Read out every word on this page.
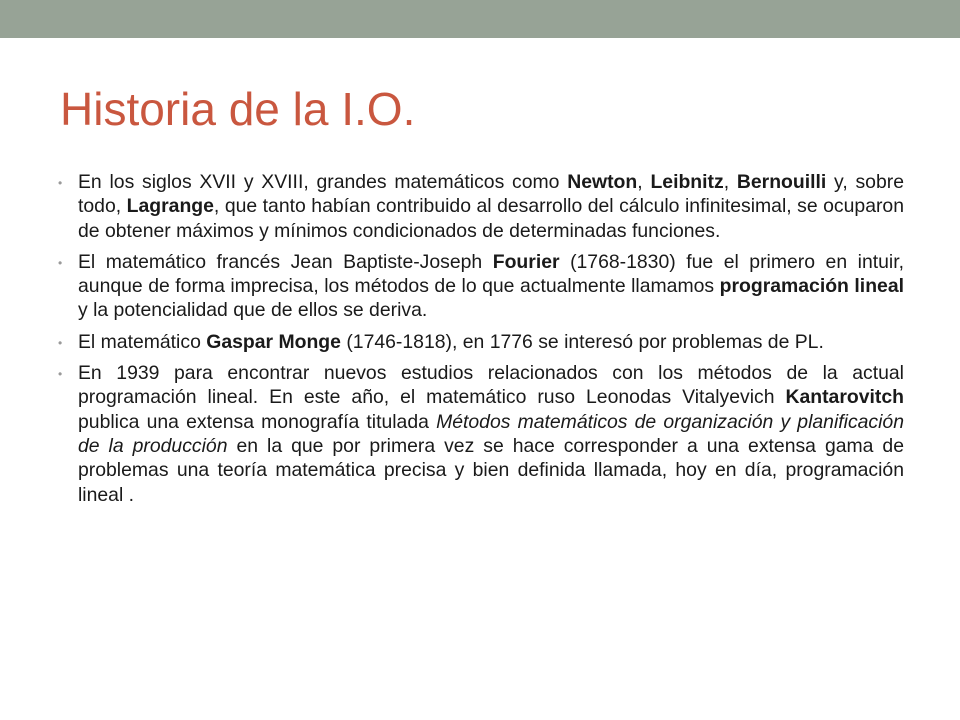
Historia de la I.O.
• En los siglos XVII y XVIII, grandes matemáticos como Newton, Leibnitz, Bernouilli y, sobre todo, Lagrange, que tanto habían contribuido al desarrollo del cálculo infinitesimal, se ocuparon de obtener máximos y mínimos condicionados de determinadas funciones.
• El matemático francés Jean Baptiste-Joseph Fourier (1768-1830) fue el primero en intuir, aunque de forma imprecisa, los métodos de lo que actualmente llamamos programación lineal y la potencialidad que de ellos se deriva.
• El matemático Gaspar Monge (1746-1818), en 1776 se interesó por problemas de PL.
• En 1939 para encontrar nuevos estudios relacionados con los métodos de la actual programación lineal. En este año, el matemático ruso Leonodas Vitalyevich Kantarovitch publica una extensa monografía titulada Métodos matemáticos de organización y planificación de la producción en la que por primera vez se hace corresponder a una extensa gama de problemas una teoría matemática precisa y bien definida llamada, hoy en día, programación lineal .
